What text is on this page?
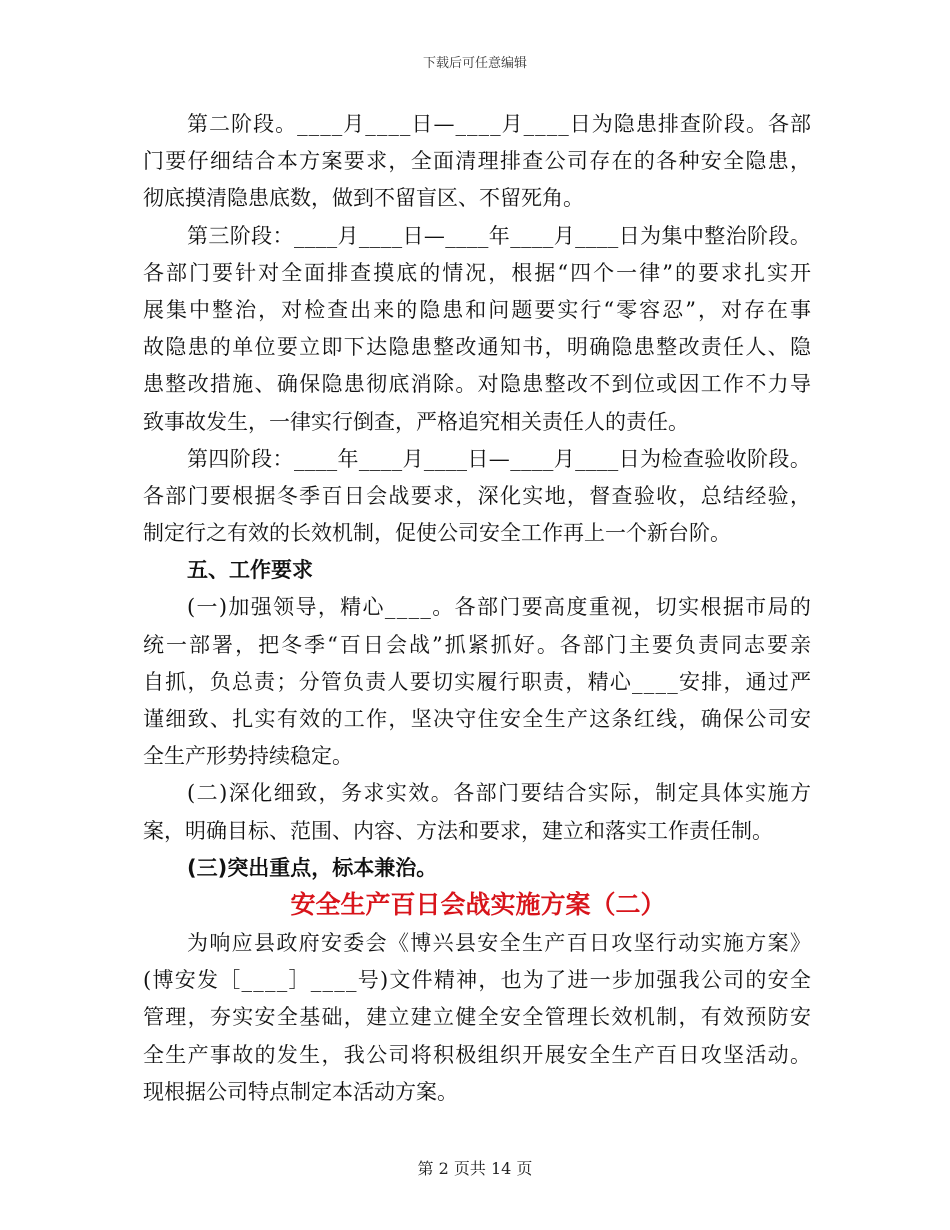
下载后可任意编辑
第二阶段。____月____日—____月____日为隐患排查阶段。各部
门要仔细结合本方案要求，全面清理排查公司存在的各种安全隐患，
彻底摸清隐患底数，做到不留盲区、不留死角。
第三阶段：____月____日—____年____月____日为集中整治阶段。
各部门要针对全面排查摸底的情况，根据“四个一律”的要求扎实开
展集中整治，对检查出来的隐患和问题要实行“零容忍”，对存在事
故隐患的单位要立即下达隐患整改通知书，明确隐患整改责任人、隐
患整改措施、确保隐患彻底消除。对隐患整改不到位或因工作不力导
致事故发生，一律实行倒查，严格追究相关责任人的责任。
第四阶段：____年____月____日—____月____日为检查验收阶段。
各部门要根据冬季百日会战要求，深化实地，督查验收，总结经验，
制定行之有效的长效机制，促使公司安全工作再上一个新台阶。
五、工作要求
(一)加强领导，精心____。各部门要高度重视，切实根据市局的
统一部署，把冬季“百日会战”抓紧抓好。各部门主要负责同志要亲
自抓，负总责；分管负责人要切实履行职责，精心____安排，通过严
谨细致、扎实有效的工作，坚决守住安全生产这条红线，确保公司安
全生产形势持续稳定。
(二)深化细致，务求实效。各部门要结合实际，制定具体实施方
案，明确目标、范围、内容、方法和要求，建立和落实工作责任制。
(三)突出重点，标本兼治。
安全生产百日会战实施方案（二）
为响应县政府安委会《博兴县安全生产百日攻坚行动实施方案》
(博安发［____］____号)文件精神，也为了进一步加强我公司的安全
管理，夯实安全基础，建立建立健全安全管理长效机制，有效预防安
全生产事故的发生，我公司将积极组织开展安全生产百日攻坚活动。
现根据公司特点制定本活动方案。
第 2 页共 14 页
